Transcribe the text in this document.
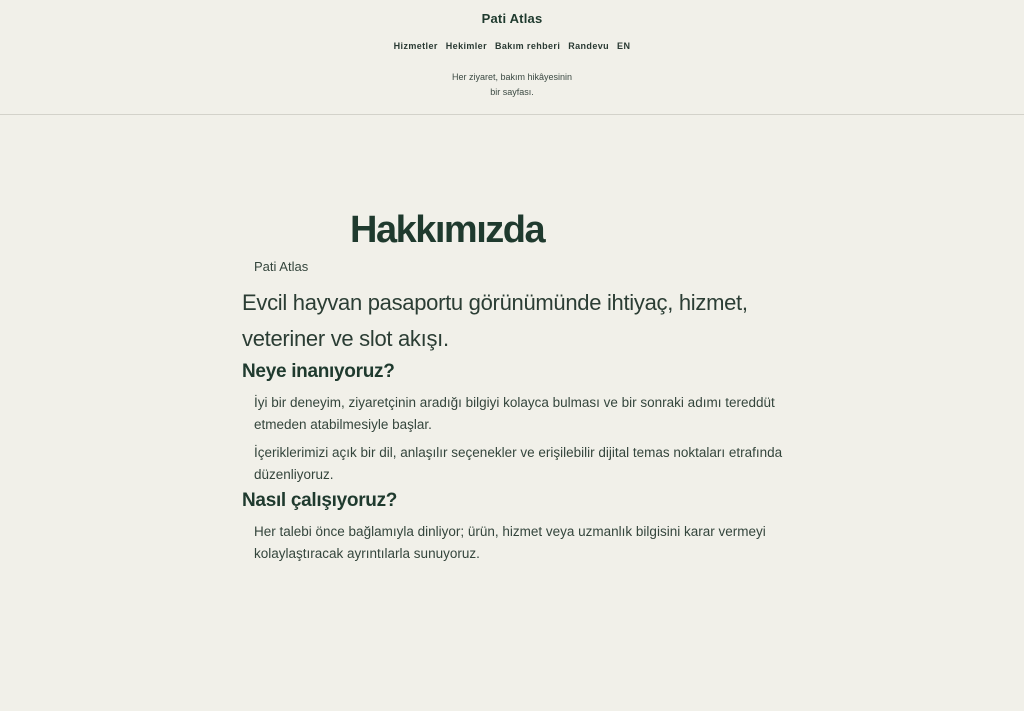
Pati Atlas
Hizmetler Hekimler Bakım rehberi Randevu EN
Her ziyaret, bakım hikâyesinin
bir sayfası.
Hakkımızda
Pati Atlas

Evcil hayvan pasaportu görünümünde ihtiyaç, hizmet, veteriner ve slot akışı.

Neye inanıyoruz?

İyi bir deneyim, ziyaretçinin aradığı bilgiyi kolayca bulması ve bir sonraki adımı tereddüt etmeden atabilmesiyle başlar.

İçeriklerimizi açık bir dil, anlaşılır seçenekler ve erişilebilir dijital temas noktaları etrafında düzenliyoruz.

Nasıl çalışıyoruz?

Her talebi önce bağlamıyla dinliyor; ürün, hizmet veya uzmanlık bilgisini karar vermeyi kolaylaştıracak ayrıntılarla sunuyoruz.
